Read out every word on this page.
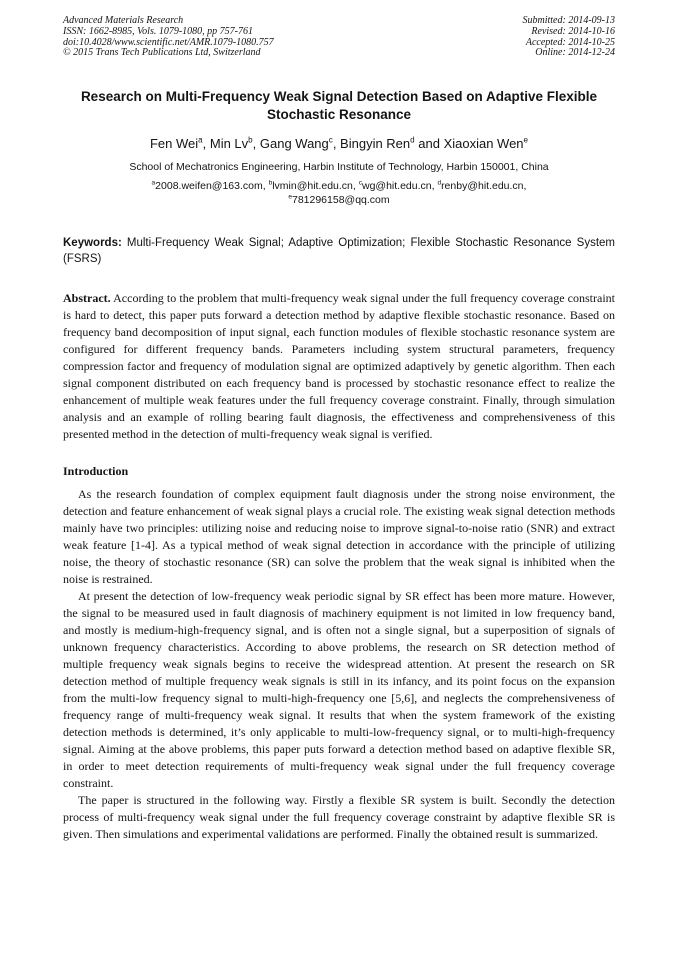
Advanced Materials Research
ISSN: 1662-8985, Vols. 1079-1080, pp 757-761
doi:10.4028/www.scientific.net/AMR.1079-1080.757
© 2015 Trans Tech Publications Ltd, Switzerland
Submitted: 2014-09-13
Revised: 2014-10-16
Accepted: 2014-10-25
Online: 2014-12-24
Research on Multi-Frequency Weak Signal Detection Based on Adaptive Flexible Stochastic Resonance
Fen Wei$^a$, Min Lv$^b$, Gang Wang$^c$, Bingyin Ren$^d$ and Xiaoxian Wen$^e$
School of Mechatronics Engineering, Harbin Institute of Technology, Harbin 150001, China
$^a$2008.weifen@163.com, $^b$lvmin@hit.edu.cn, $^c$wg@hit.edu.cn, $^d$renby@hit.edu.cn,
$^e$781296158@qq.com

Keywords: Multi-Frequency Weak Signal; Adaptive Optimization; Flexible Stochastic Resonance System (FSRS)

Abstract. According to the problem that multi-frequency weak signal under the full frequency coverage constraint is hard to detect, this paper puts forward a detection method by adaptive flexible stochastic resonance. Based on frequency band decomposition of input signal, each function modules of flexible stochastic resonance system are configured for different frequency bands. Parameters including system structural parameters, frequency compression factor and frequency of modulation signal are optimized adaptively by genetic algorithm. Then each signal component distributed on each frequency band is processed by stochastic resonance effect to realize the enhancement of multiple weak features under the full frequency coverage constraint. Finally, through simulation analysis and an example of rolling bearing fault diagnosis, the effectiveness and comprehensiveness of this presented method in the detection of multi-frequency weak signal is verified.

Introduction

As the research foundation of complex equipment fault diagnosis under the strong noise environment, the detection and feature enhancement of weak signal plays a crucial role. The existing weak signal detection methods mainly have two principles: utilizing noise and reducing noise to improve signal-to-noise ratio (SNR) and extract weak feature [1-4]. As a typical method of weak signal detection in accordance with the principle of utilizing noise, the theory of stochastic resonance (SR) can solve the problem that the weak signal is inhibited when the noise is restrained.

At present the detection of low-frequency weak periodic signal by SR effect has been more mature. However, the signal to be measured used in fault diagnosis of machinery equipment is not limited in low frequency band, and mostly is medium-high-frequency signal, and is often not a single signal, but a superposition of signals of unknown frequency characteristics. According to above problems, the research on SR detection method of multiple frequency weak signals begins to receive the widespread attention. At present the research on SR detection method of multiple frequency weak signals is still in its infancy, and its point focus on the expansion from the multi-low frequency signal to multi-high-frequency one [5,6], and neglects the comprehensiveness of frequency range of multi-frequency weak signal. It results that when the system framework of the existing detection methods is determined, it’s only applicable to multi-low-frequency signal, or to multi-high-frequency signal. Aiming at the above problems, this paper puts forward a detection method based on adaptive flexible SR, in order to meet detection requirements of multi-frequency weak signal under the full frequency coverage constraint.

The paper is structured in the following way. Firstly a flexible SR system is built. Secondly the detection process of multi-frequency weak signal under the full frequency coverage constraint by adaptive flexible SR is given. Then simulations and experimental validations are performed. Finally the obtained result is summarized.
